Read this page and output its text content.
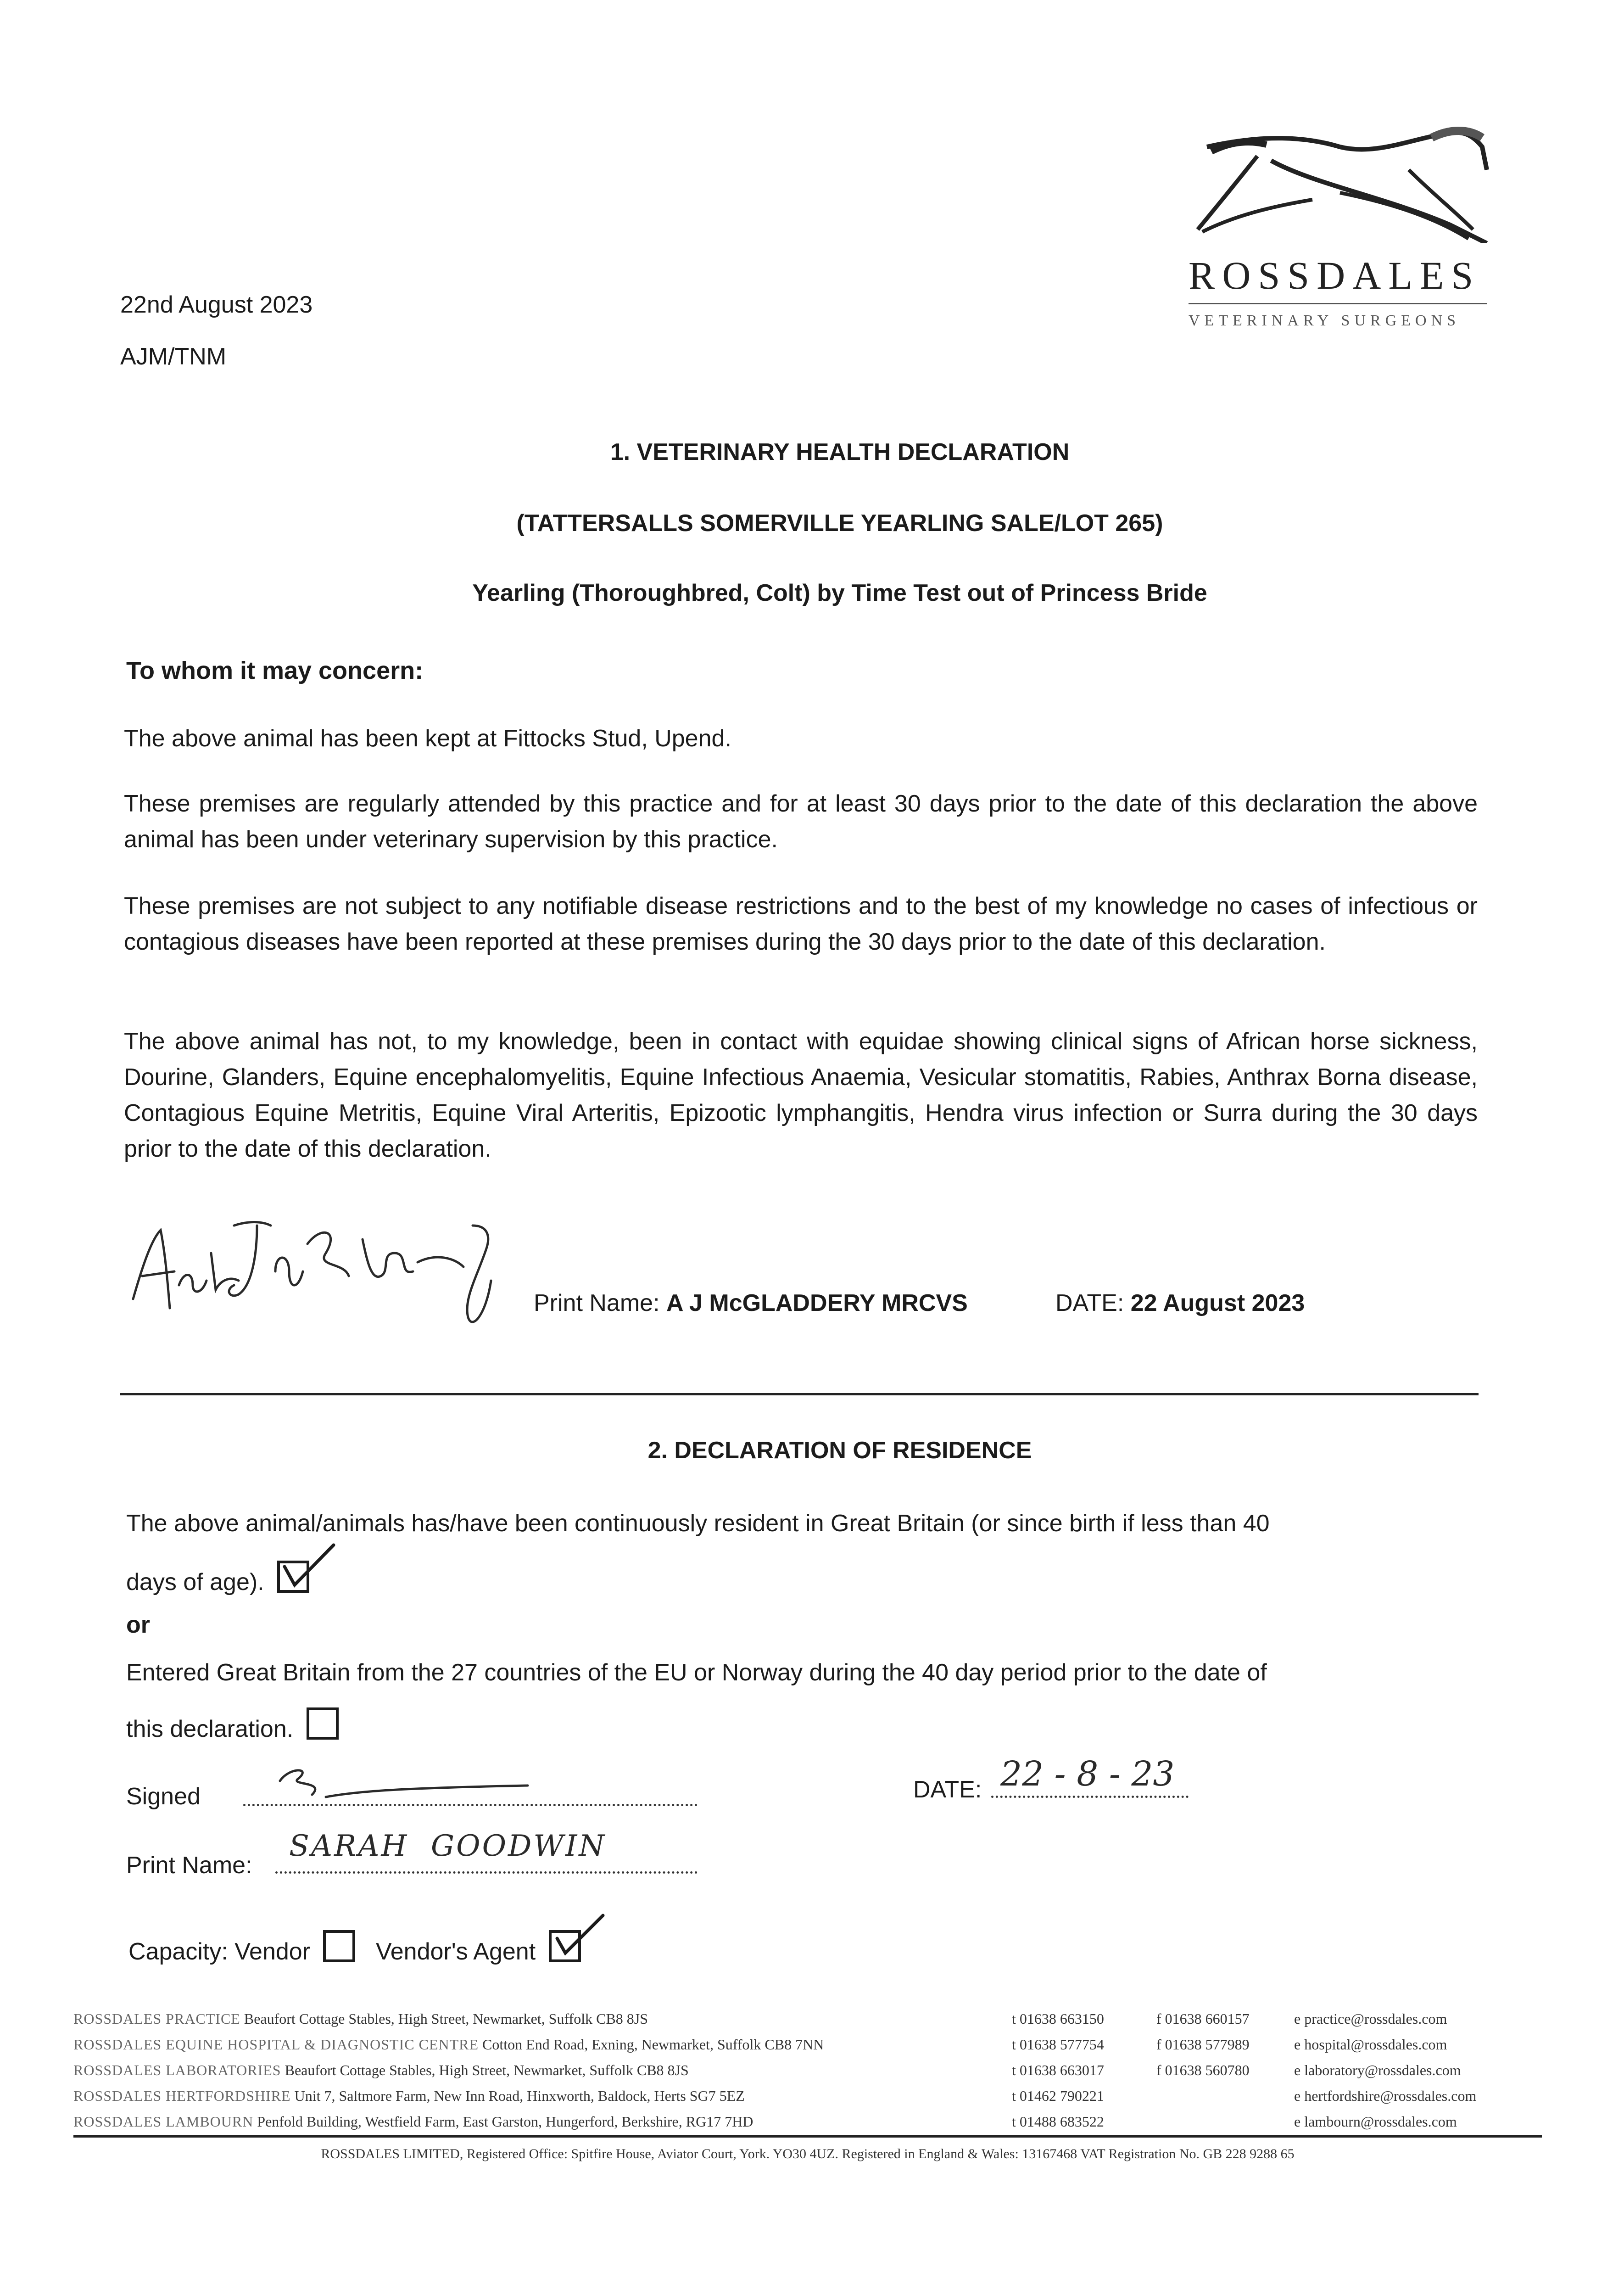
ROSSDALES
VETERINARY SURGEONS
22nd August 2023
AJM/TNM
1. VETERINARY HEALTH DECLARATION
(TATTERSALLS SOMERVILLE YEARLING SALE/LOT 265)
Yearling (Thoroughbred, Colt) by Time Test out of Princess Bride
To whom it may concern:
The above animal has been kept at Fittocks Stud, Upend.
These premises are regularly attended by this practice and for at least 30 days prior to the date of this declaration the above animal has been under veterinary supervision by this practice.
These premises are not subject to any notifiable disease restrictions and to the best of my knowledge no cases of infectious or contagious diseases have been reported at these premises during the 30 days prior to the date of this declaration.
The above animal has not, to my knowledge, been in contact with equidae showing clinical signs of African horse sickness, Dourine, Glanders, Equine encephalomyelitis, Equine Infectious Anaemia, Vesicular stomatitis, Rabies, Anthrax Borna disease, Contagious Equine Metritis, Equine Viral Arteritis, Epizootic lymphangitis, Hendra virus infection or Surra during the 30 days prior to the date of this declaration.
Print Name: A J McGLADDERY MRCVS	DATE: 22 August 2023
2. DECLARATION OF RESIDENCE
The above animal/animals has/have been continuously resident in Great Britain (or since birth if less than 40
days of age).
or
Entered Great Britain from the 27 countries of the EU or Norway during the 40 day period prior to the date of
this declaration.
Signed	DATE: 22 - 8 - 23
Print Name:
SARAH  GOODWIN
Capacity: Vendor	Vendor's Agent
ROSSDALES PRACTICE Beaufort Cottage Stables, High Street, Newmarket, Suffolk CB8 8JS	t 01638 663150	f 01638 660157	e practice@rossdales.com
ROSSDALES EQUINE HOSPITAL & DIAGNOSTIC CENTRE Cotton End Road, Exning, Newmarket, Suffolk CB8 7NN	t 01638 577754	f 01638 577989	e hospital@rossdales.com
ROSSDALES LABORATORIES Beaufort Cottage Stables, High Street, Newmarket, Suffolk CB8 8JS	t 01638 663017	f 01638 560780	e laboratory@rossdales.com
ROSSDALES HERTFORDSHIRE Unit 7, Saltmore Farm, New Inn Road, Hinxworth, Baldock, Herts SG7 5EZ	t 01462 790221	e hertfordshire@rossdales.com
ROSSDALES LAMBOURN Penfold Building, Westfield Farm, East Garston, Hungerford, Berkshire, RG17 7HD	t 01488 683522	e lambourn@rossdales.com
ROSSDALES LIMITED, Registered Office: Spitfire House, Aviator Court, York. YO30 4UZ. Registered in England & Wales: 13167468 VAT Registration No. GB 228 9288 65
